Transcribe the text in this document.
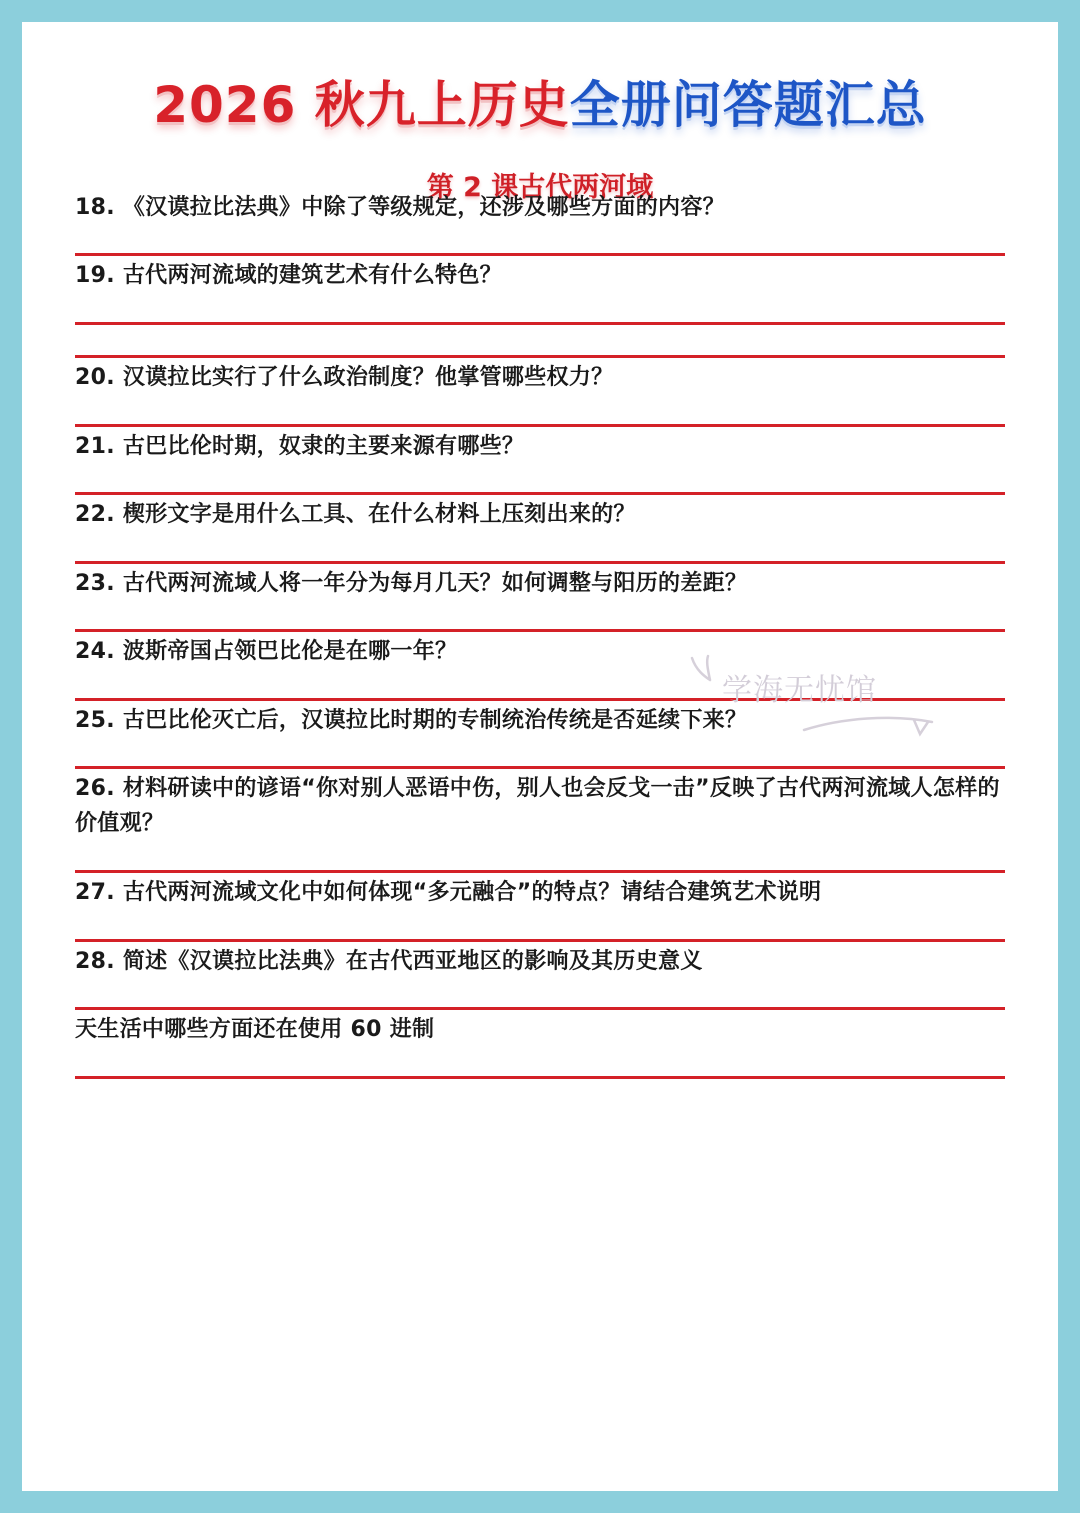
2026 秋九上历史全册问答题汇总
第 2 课古代两河域
18. 《汉谟拉比法典》中除了等级规定，还涉及哪些方面的内容？
19. 古代两河流域的建筑艺术有什么特色？
20. 汉谟拉比实行了什么政治制度？他掌管哪些权力？
21. 古巴比伦时期，奴隶的主要来源有哪些？
22. 楔形文字是用什么工具、在什么材料上压刻出来的？
23. 古代两河流域人将一年分为每月几天？如何调整与阳历的差距？
24. 波斯帝国占领巴比伦是在哪一年？
25. 古巴比伦灭亡后，汉谟拉比时期的专制统治传统是否延续下来？
26. 材料研读中的谚语“你对别人恶语中伤，别人也会反戈一击”反映了古代两河流域人怎样的价值观？
27. 古代两河流域文化中如何体现“多元融合”的特点？请结合建筑艺术说明
28. 简述《汉谟拉比法典》在古代西亚地区的影响及其历史意义
天生活中哪些方面还在使用 60 进制
学海无忧馆
